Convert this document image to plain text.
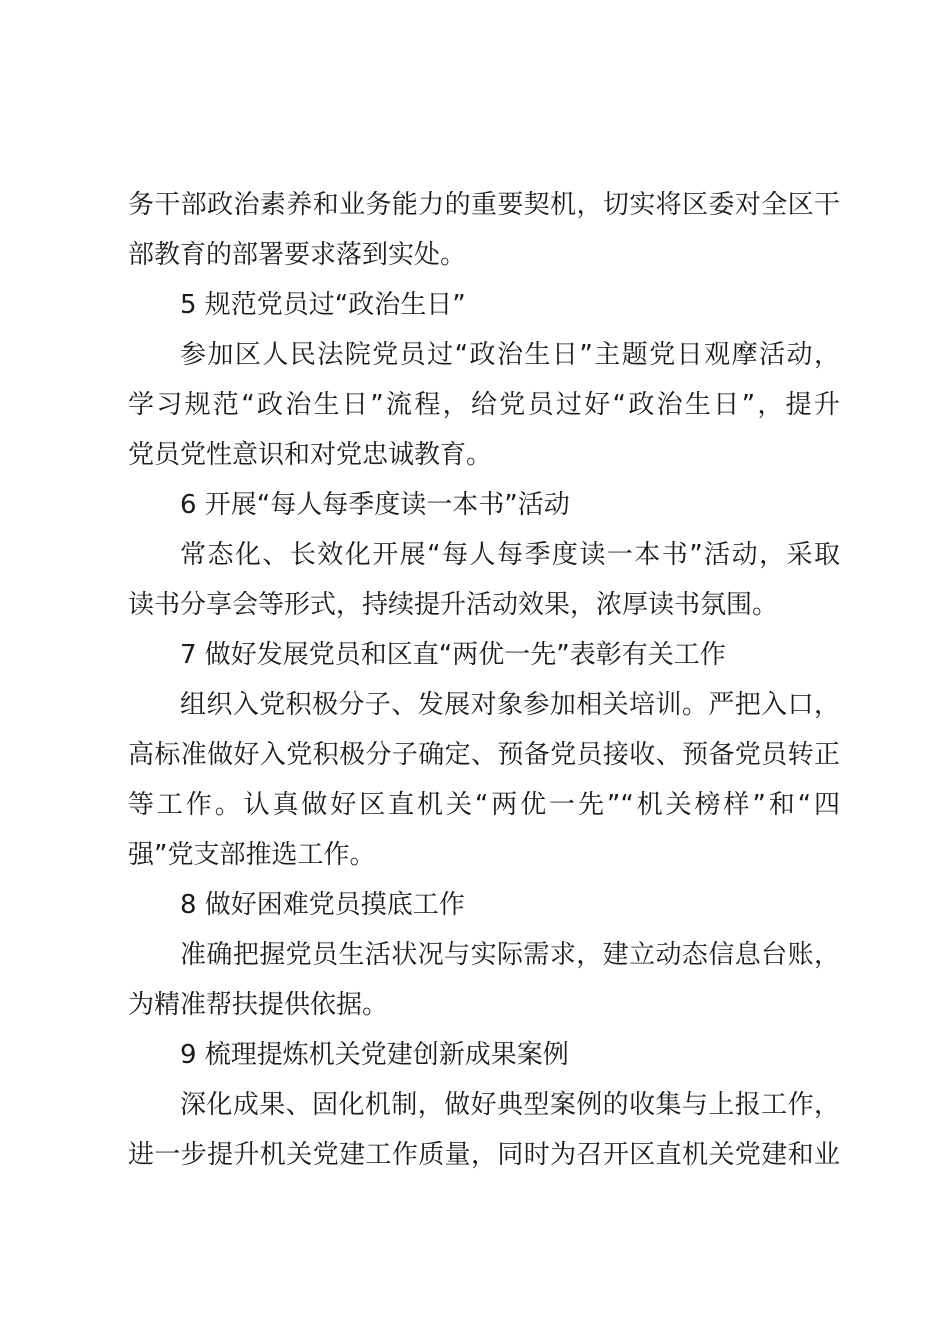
务干部政治素养和业务能力的重要契机，切实将区委对全区干
部教育的部署要求落到实处。
5 规范党员过“政治生日”
参加区人民法院党员过“政治生日”主题党日观摩活动，
学习规范“政治生日”流程，给党员过好“政治生日”，提升
党员党性意识和对党忠诚教育。
6 开展“每人每季度读一本书”活动
常态化、长效化开展“每人每季度读一本书”活动，采取
读书分享会等形式，持续提升活动效果，浓厚读书氛围。
7 做好发展党员和区直“两优一先”表彰有关工作
组织入党积极分子、发展对象参加相关培训。严把入口，
高标准做好入党积极分子确定、预备党员接收、预备党员转正
等工作。认真做好区直机关“两优一先”“机关榜样”和“四
强”党支部推选工作。
8 做好困难党员摸底工作
准确把握党员生活状况与实际需求，建立动态信息台账，
为精准帮扶提供依据。
9 梳理提炼机关党建创新成果案例
深化成果、固化机制，做好典型案例的收集与上报工作，
进一步提升机关党建工作质量，同时为召开区直机关党建和业
